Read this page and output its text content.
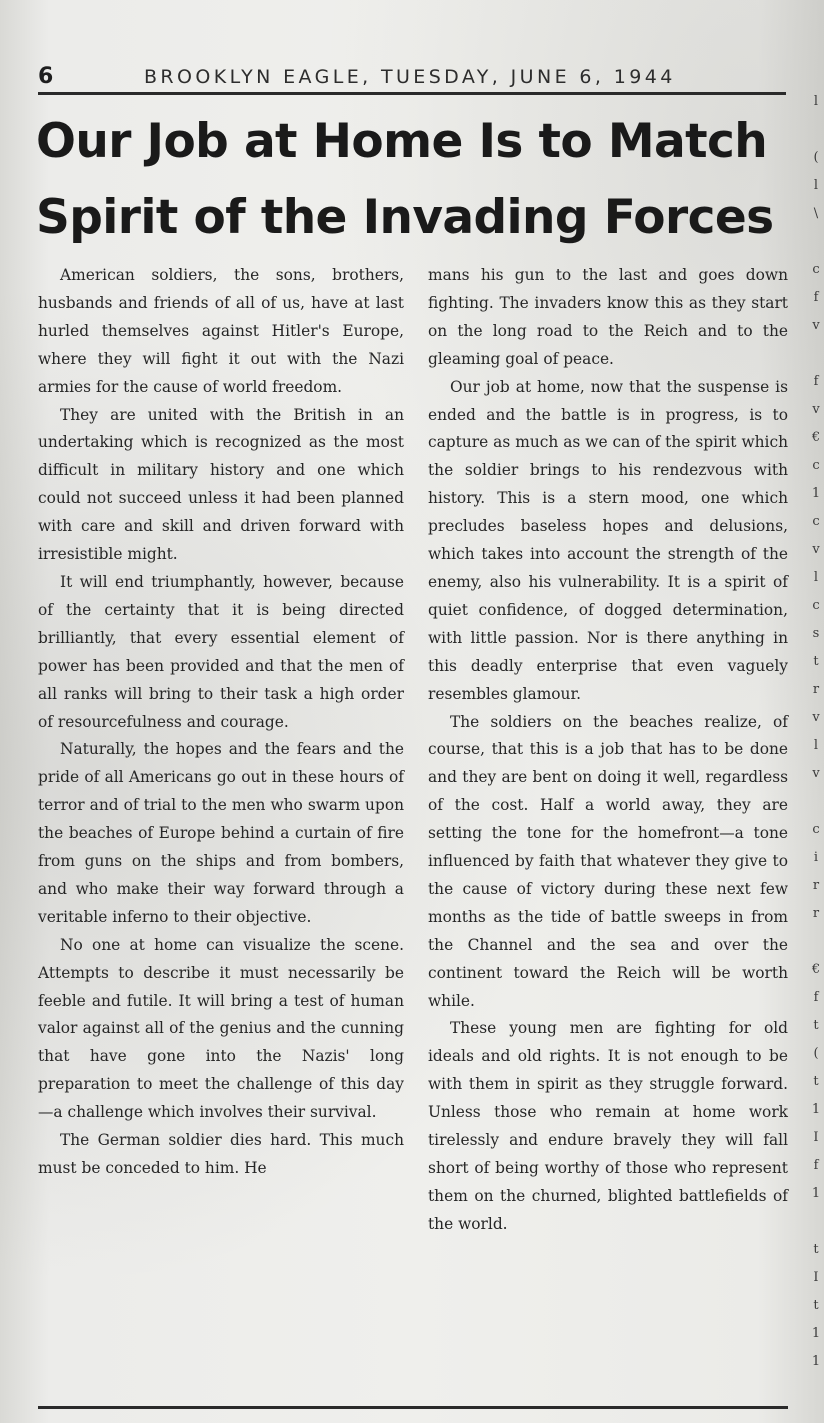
6	BROOKLYN EAGLE, TUESDAY, JUNE 6, 1944
Our Job at Home Is to Match
Spirit of the Invading Forces

American soldiers, the sons, brothers, husbands and friends of all of us, have at last hurled themselves against Hitler's Europe, where they will fight it out with the Nazi armies for the cause of world freedom.

They are united with the British in an undertaking which is recognized as the most difficult in military history and one which could not succeed unless it had been planned with care and skill and driven forward with irresistible might.

It will end triumphantly, however, because of the certainty that it is being directed brilliantly, that every essential element of power has been provided and that the men of all ranks will bring to their task a high order of resourcefulness and courage.

Naturally, the hopes and the fears and the pride of all Americans go out in these hours of terror and of trial to the men who swarm upon the beaches of Europe behind a curtain of fire from guns on the ships and from bombers, and who make their way forward through a veritable inferno to their objective.

No one at home can visualize the scene. Attempts to describe it must necessarily be feeble and futile. It will bring a test of human valor against all of the genius and the cunning that have gone into the Nazis' long preparation to meet the challenge of this day —a challenge which involves their survival.

The German soldier dies hard. This much must be conceded to him. He

mans his gun to the last and goes down fighting. The invaders know this as they start on the long road to the Reich and to the gleaming goal of peace.

Our job at home, now that the suspense is ended and the battle is in progress, is to capture as much as we can of the spirit which the soldier brings to his rendezvous with history. This is a stern mood, one which precludes baseless hopes and delusions, which takes into account the strength of the enemy, also his vulnerability. It is a spirit of quiet confidence, of dogged determination, with little passion. Nor is there anything in this deadly enterprise that even vaguely resembles glamour.

The soldiers on the beaches realize, of course, that this is a job that has to be done and they are bent on doing it well, regardless of the cost. Half a world away, they are setting the tone for the homefront—a tone influenced by faith that whatever they give to the cause of victory during these next few months as the tide of battle sweeps in from the Channel and the sea and over the continent toward the Reich will be worth while.

These young men are fighting for old ideals and old rights. It is not enough to be with them in spirit as they struggle forward. Unless those who remain at home work tirelessly and endure bravely they will fall short of being worthy of those who represent them on the churned, blighted battlefields of the world.

l

(
l
\

c
f
v

f
v
€
c
1
c
v
l
c
s
t
r
v
l
v

c
i
r
r

€
f
t
(
t
1
I
f
1

t
I
t
1
1
